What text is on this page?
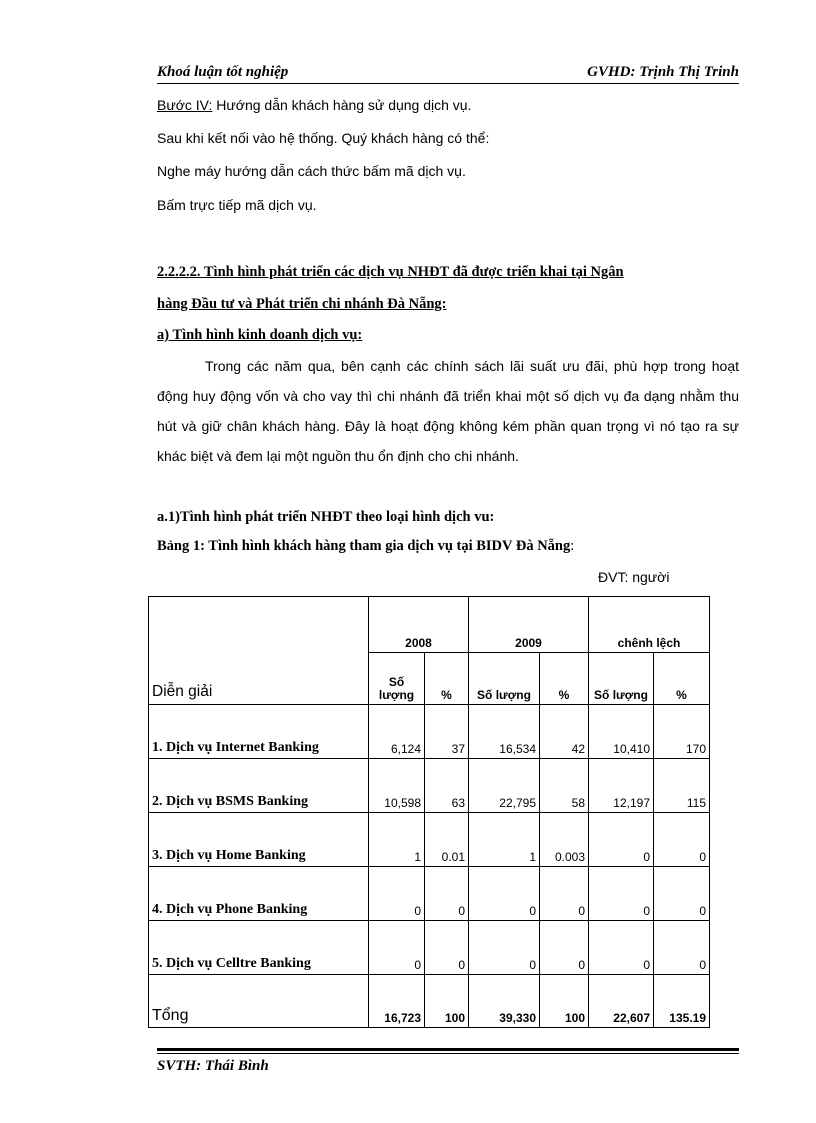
Khoá luận tốt nghiệp	GVHD: Trịnh Thị Trinh
Bước IV: Hướng dẫn khách hàng sử dụng dịch vụ.
Sau khi kết nối vào hệ thống. Quý khách hàng có thể:
Nghe máy hướng dẫn cách thức bấm mã dịch vụ.
Bấm trực tiếp mã dịch vụ.
2.2.2.2. Tình hình phát triển các dịch vụ NHĐT đã được triển khai tại Ngân
hàng Đầu tư và Phát triển chi nhánh Đà Nẵng:
a) Tình hình kinh doanh dịch vụ:
Trong các năm qua, bên cạnh các chính sách lãi suất ưu đãi, phù hợp trong hoạt động huy động vốn và cho vay thì chi nhánh đã triển khai một số dịch vụ đa dạng nhằm thu hút và giữ chân khách hàng. Đây là hoạt động không kém phần quan trọng vì nó tạo ra sự khác biệt và đem lại một nguồn thu ổn định cho chi nhánh.
a.1)Tình hình phát triển NHĐT theo loại hình dịch vu:
Bảng 1: Tình hình khách hàng tham gia dịch vụ tại BIDV Đà Nẵng:
ĐVT: người
Diễn giải	2008		2009		chênh lệch	
	Số lượng	%	Số lượng	%	Số lượng	%
1. Dịch vụ Internet Banking	6,124	37	16,534	42	10,410	170
2. Dịch vụ BSMS Banking	10,598	63	22,795	58	12,197	115
3. Dịch vụ Home Banking	1	0.01	1	0.003	0	0
4. Dịch vụ Phone Banking	0	0	0	0	0	0
5. Dịch vụ Celltre Banking	0	0	0	0	0	0
Tổng	16,723	100	39,330	100	22,607	135.19
SVTH: Thái Bình
